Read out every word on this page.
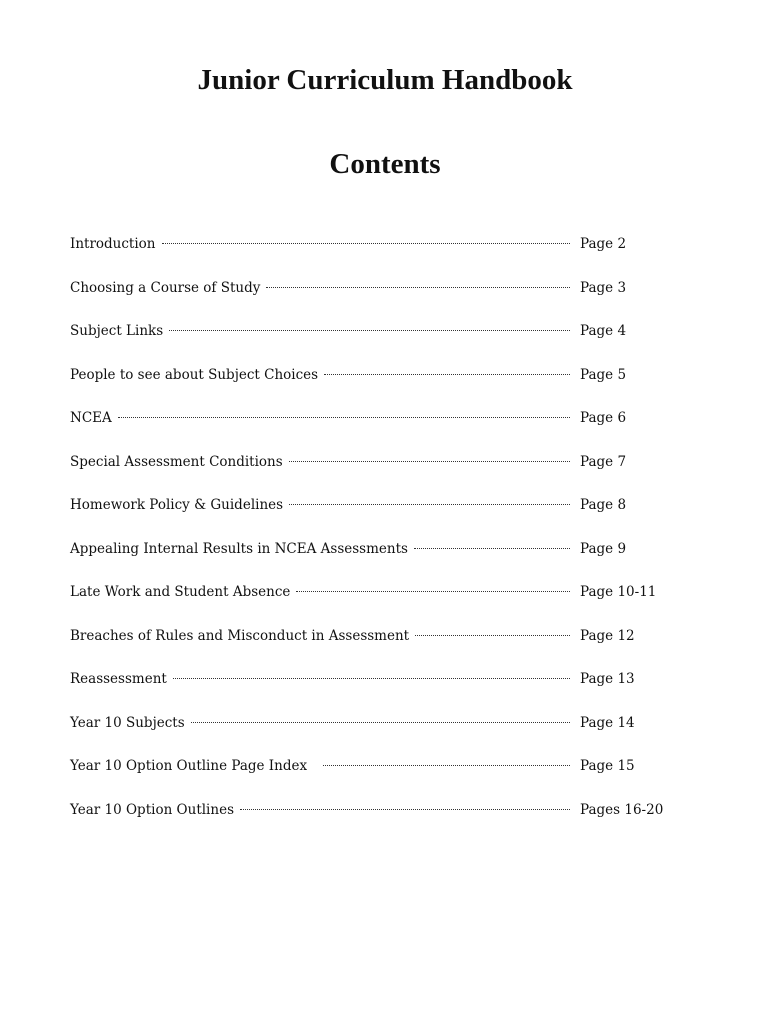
Junior Curriculum Handbook
Contents
Introduction	Page 2
Choosing a Course of Study	Page 3
Subject Links	Page 4
People to see about Subject Choices	Page 5
NCEA	Page 6
Special Assessment Conditions	Page 7
Homework Policy & Guidelines	Page 8
Appealing Internal Results in NCEA Assessments	Page 9
Late Work and Student Absence	Page 10-11
Breaches of Rules and Misconduct in Assessment	Page 12
Reassessment	Page 13
Year 10 Subjects	Page 14
Year 10 Option Outline Page Index	Page 15
Year 10 Option Outlines	Pages 16-20
